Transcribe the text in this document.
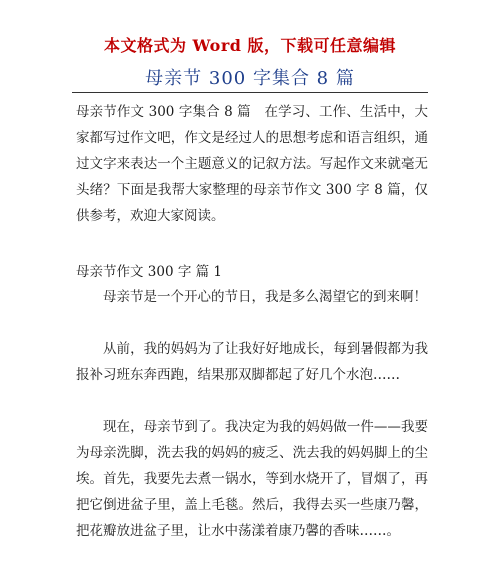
本文格式为 Word 版，下载可任意编辑
母亲节 300 字集合 8 篇
母亲节作文 300 字集合 8 篇　在学习、工作、生活中，大家都写过作文吧，作文是经过人的思想考虑和语言组织，通过文字来表达一个主题意义的记叙方法。写起作文来就毫无头绪？下面是我帮大家整理的母亲节作文 300 字 8 篇，仅供参考，欢迎大家阅读。
母亲节作文 300 字 篇 1
母亲节是一个开心的节日，我是多么渴望它的到来啊！
从前，我的妈妈为了让我好好地成长，每到暑假都为我报补习班东奔西跑，结果那双脚都起了好几个水泡……
现在，母亲节到了。我决定为我的妈妈做一件——我要为母亲洗脚，洗去我的妈妈的疲乏、洗去我的妈妈脚上的尘埃。首先，我要先去煮一锅水，等到水烧开了，冒烟了，再把它倒进盆子里，盖上毛毯。然后，我得去买一些康乃馨，把花瓣放进盆子里，让水中荡漾着康乃馨的香味……。
